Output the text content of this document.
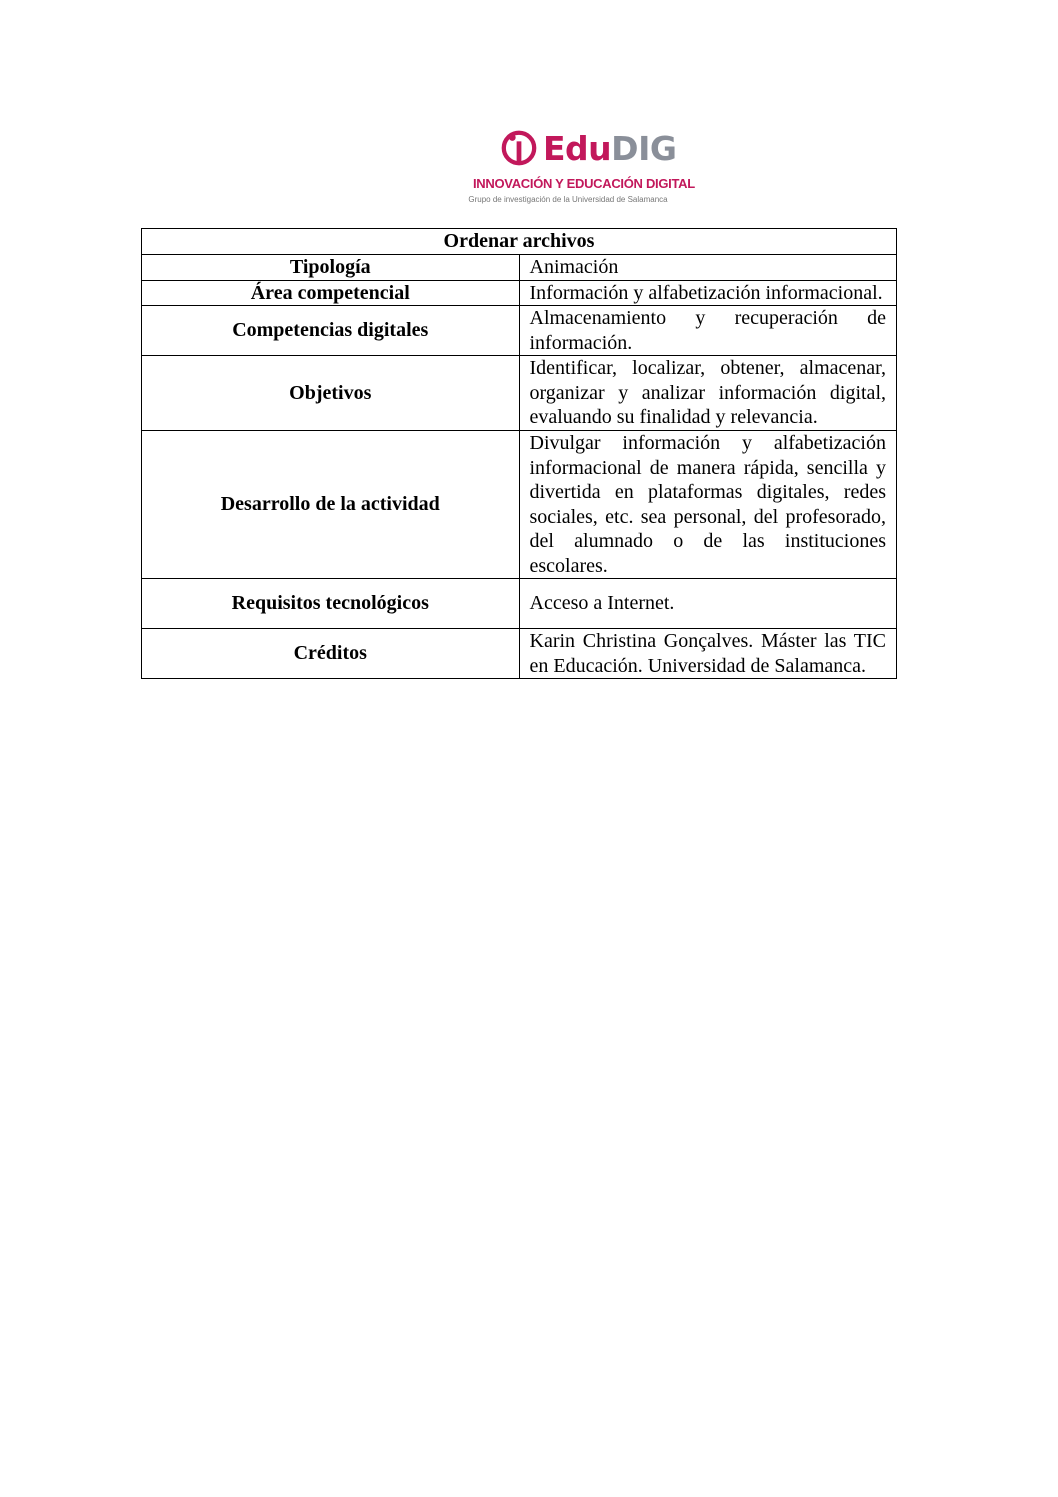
EduDIG
INNOVACIÓN Y EDUCACIÓN DIGITAL
Grupo de investigación de la Universidad de Salamanca
Ordenar archivos	
Tipología	Animación
Área competencial	Información y alfabetización informacional.
Competencias digitales	Almacenamiento y recuperación de información.
Objetivos	Identificar, localizar, obtener, almacenar, organizar y analizar información digital, evaluando su finalidad y relevancia.
Desarrollo de la actividad	Divulgar información y alfabetización informacional de manera rápida, sencilla y divertida en plataformas digitales, redes sociales, etc. sea personal, del profesorado, del alumnado o de las instituciones escolares.
Requisitos tecnológicos	Acceso a Internet.
Créditos	Karin Christina Gonçalves. Máster las TIC en Educación. Universidad de Salamanca.
